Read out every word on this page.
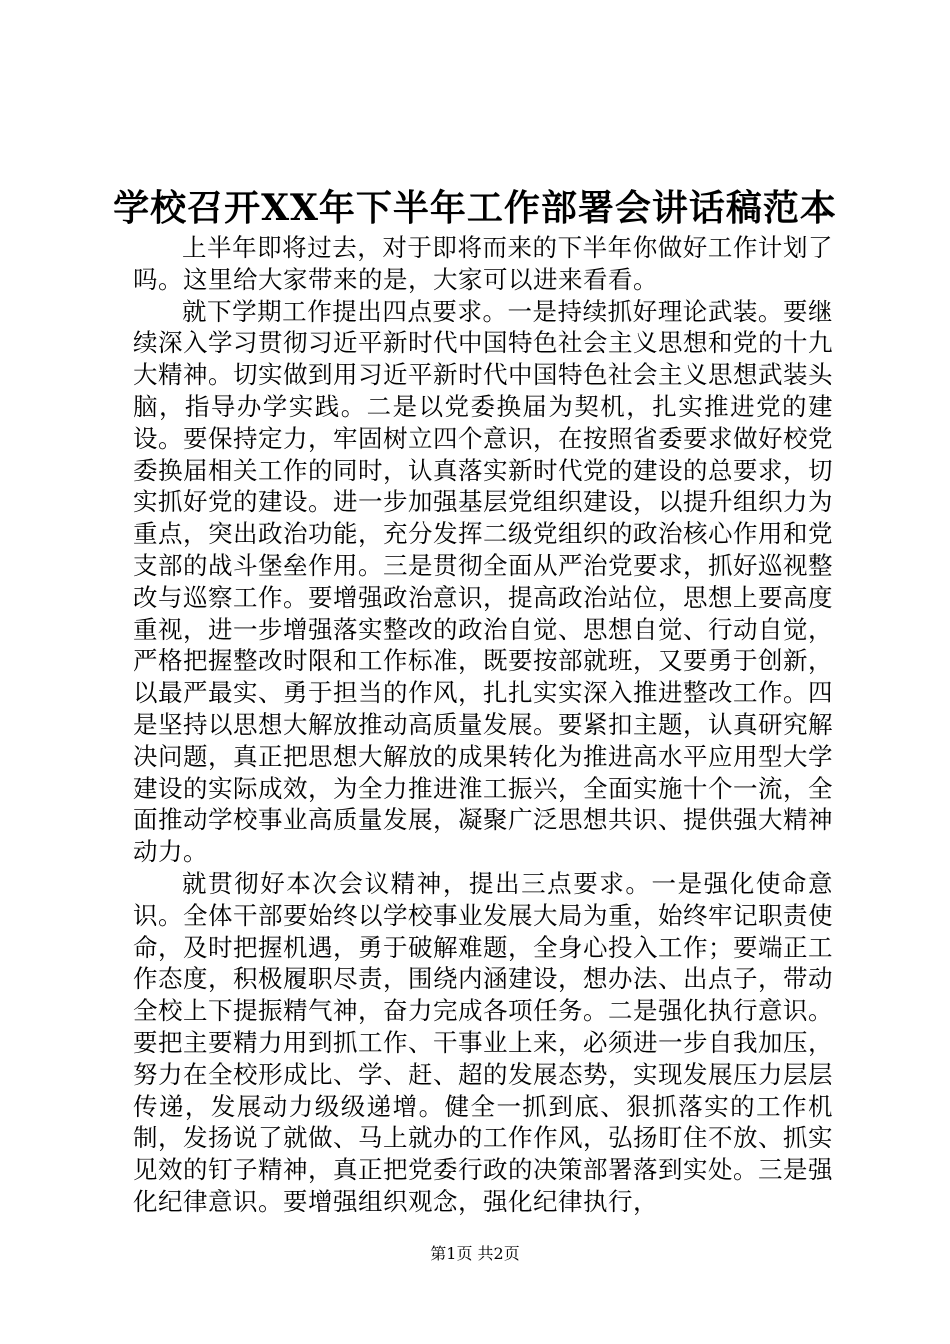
学校召开XX年下半年工作部署会讲话稿范本

上半年即将过去，对于即将而来的下半年你做好工作计划了吗。这里给大家带来的是，大家可以进来看看。

就下学期工作提出四点要求。一是持续抓好理论武装。要继续深入学习贯彻习近平新时代中国特色社会主义思想和党的十九大精神。切实做到用习近平新时代中国特色社会主义思想武装头脑，指导办学实践。二是以党委换届为契机，扎实推进党的建设。要保持定力，牢固树立四个意识，在按照省委要求做好校党委换届相关工作的同时，认真落实新时代党的建设的总要求，切实抓好党的建设。进一步加强基层党组织建设，以提升组织力为重点，突出政治功能，充分发挥二级党组织的政治核心作用和党支部的战斗堡垒作用。三是贯彻全面从严治党要求，抓好巡视整改与巡察工作。要增强政治意识，提高政治站位，思想上要高度重视，进一步增强落实整改的政治自觉、思想自觉、行动自觉，严格把握整改时限和工作标准，既要按部就班，又要勇于创新，以最严最实、勇于担当的作风，扎扎实实深入推进整改工作。四是坚持以思想大解放推动高质量发展。要紧扣主题，认真研究解决问题，真正把思想大解放的成果转化为推进高水平应用型大学建设的实际成效，为全力推进淮工振兴，全面实施十个一流，全面推动学校事业高质量发展，凝聚广泛思想共识、提供强大精神动力。

就贯彻好本次会议精神，提出三点要求。一是强化使命意识。全体干部要始终以学校事业发展大局为重，始终牢记职责使命，及时把握机遇，勇于破解难题，全身心投入工作；要端正工作态度，积极履职尽责，围绕内涵建设，想办法、出点子，带动全校上下提振精气神，奋力完成各项任务。二是强化执行意识。要把主要精力用到抓工作、干事业上来，必须进一步自我加压，努力在全校形成比、学、赶、超的发展态势，实现发展压力层层传递，发展动力级级递增。健全一抓到底、狠抓落实的工作机制，发扬说了就做、马上就办的工作作风，弘扬盯住不放、抓实见效的钉子精神，真正把党委行政的决策部署落到实处。三是强化纪律意识。要增强组织观念，强化纪律执行，

第1页 共2页
